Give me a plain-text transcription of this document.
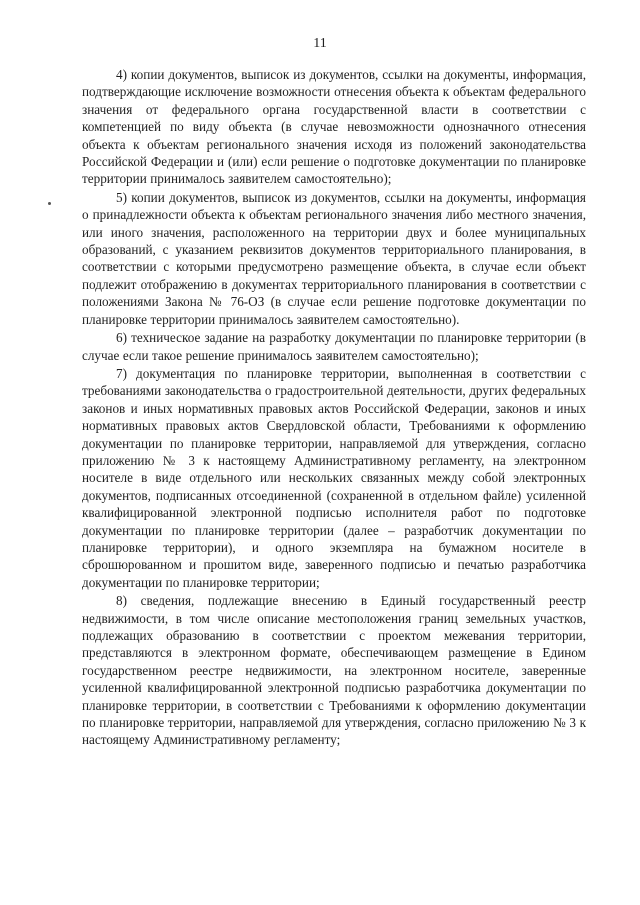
11

4) копии документов, выписок из документов, ссылки на документы, информация, подтверждающие исключение возможности отнесения объекта к объектам федерального значения от федерального органа государственной власти в соответствии с компетенцией по виду объекта (в случае невозможности однозначного отнесения объекта к объектам регионального значения исходя из положений законодательства Российской Федерации и (или) если решение о подготовке документации по планировке территории принималось заявителем самостоятельно);

5) копии документов, выписок из документов, ссылки на документы, информация о принадлежности объекта к объектам регионального значения либо местного значения, или иного значения, расположенного на территории двух и более муниципальных образований, с указанием реквизитов документов территориального планирования, в соответствии с которыми предусмотрено размещение объекта, в случае если объект подлежит отображению в документах территориального планирования в соответствии с положениями Закона № 76-ОЗ (в случае если решение подготовке документации по планировке территории принималось заявителем самостоятельно).

6) техническое задание на разработку документации по планировке территории (в случае если такое решение принималось заявителем самостоятельно);

7) документация по планировке территории, выполненная в соответствии с требованиями законодательства о градостроительной деятельности, других федеральных законов и иных нормативных правовых актов Российской Федерации, законов и иных нормативных правовых актов Свердловской области, Требованиями к оформлению документации по планировке территории, направляемой для утверждения, согласно приложению № 3 к настоящему Административному регламенту, на электронном носителе в виде отдельного или нескольких связанных между собой электронных документов, подписанных отсоединенной (сохраненной в отдельном файле) усиленной квалифицированной электронной подписью исполнителя работ по подготовке документации по планировке территории (далее – разработчик документации по планировке территории), и одного экземпляра на бумажном носителе в сброшюрованном и прошитом виде, заверенного подписью и печатью разработчика документации по планировке территории;

8) сведения, подлежащие внесению в Единый государственный реестр недвижимости, в том числе описание местоположения границ земельных участков, подлежащих образованию в соответствии с проектом межевания территории, представляются в электронном формате, обеспечивающем размещение в Едином государственном реестре недвижимости, на электронном носителе, заверенные усиленной квалифицированной электронной подписью разработчика документации по планировке территории, в соответствии с Требованиями к оформлению документации по планировке территории, направляемой для утверждения, согласно приложению № 3 к настоящему Административному регламенту;
